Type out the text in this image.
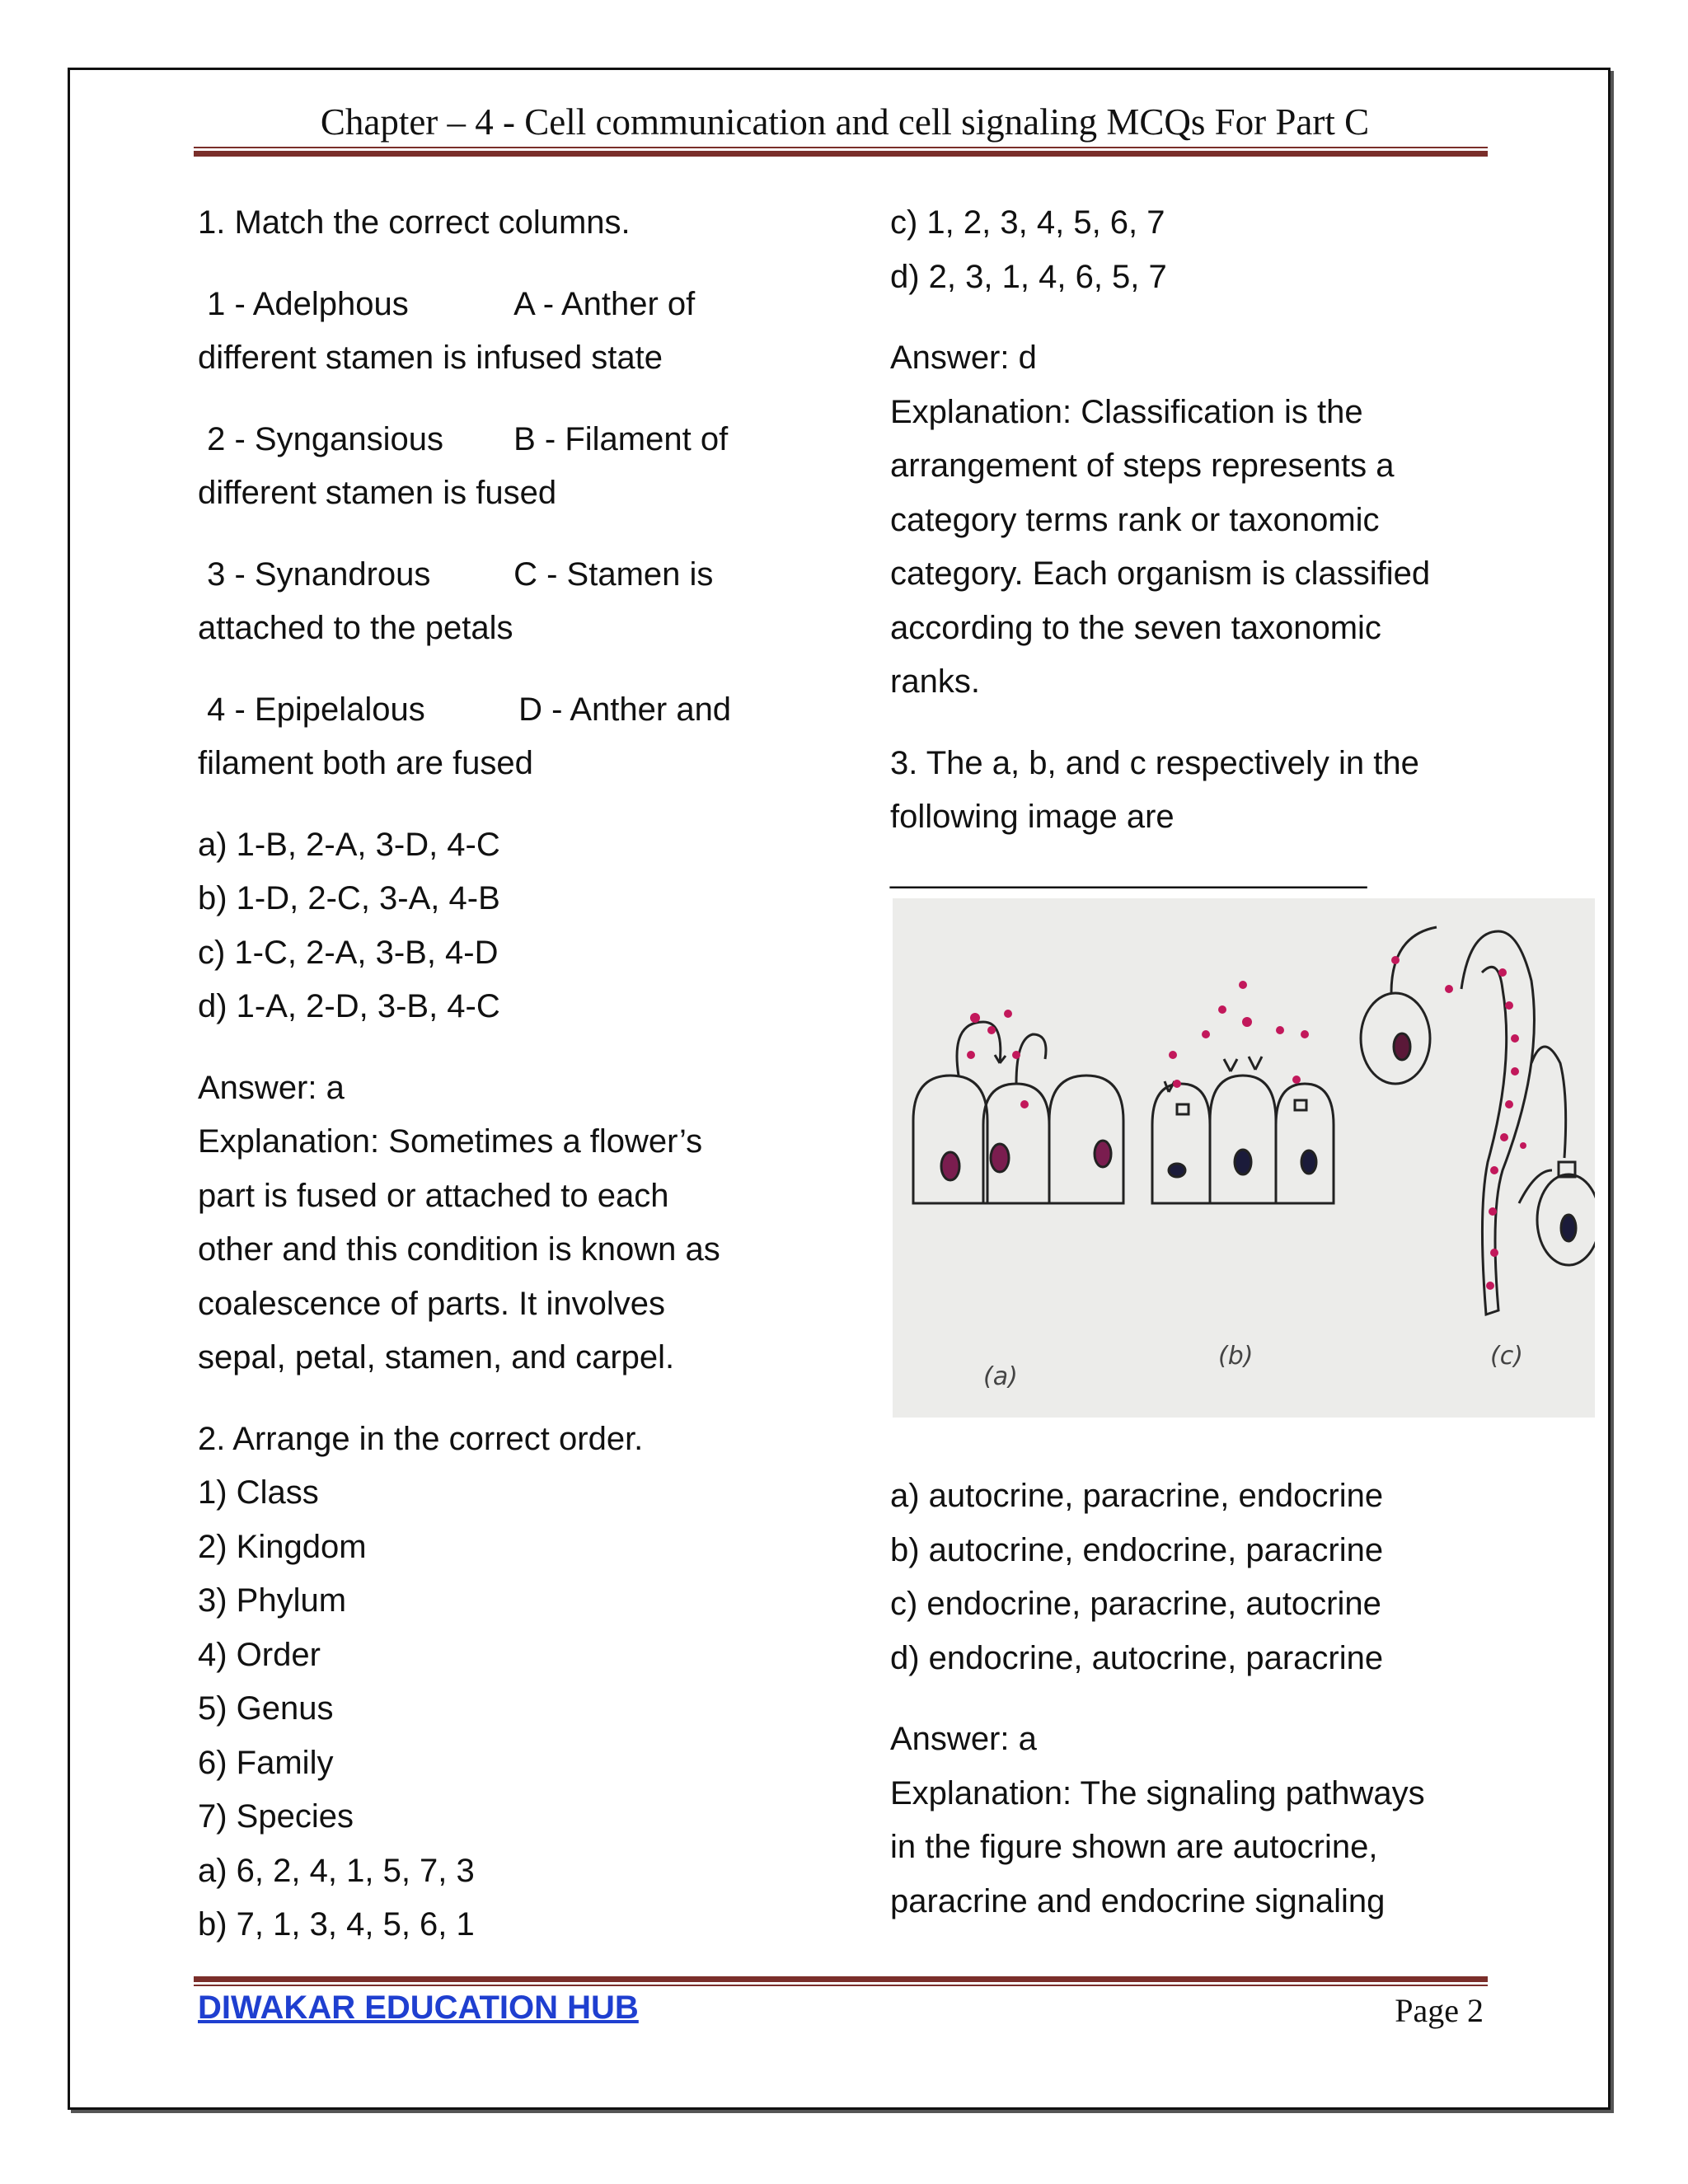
Chapter – 4 - Cell communication and cell signaling MCQs For Part C
1. Match the correct columns.
1 - Adelphous	A - Anther of
different stamen is infused state
2 - Syngansious B - Filament of
different stamen is fused
3 - Synandrous	C - Stamen is
attached to the petals
4 - Epipelalous	D - Anther and
filament both are fused
a) 1-B, 2-A, 3-D, 4-C
b) 1-D, 2-C, 3-A, 4-B
c) 1-C, 2-A, 3-B, 4-D
d) 1-A, 2-D, 3-B, 4-C
Answer: a
Explanation: Sometimes a flower’s
part is fused or attached to each
other and this condition is known as
coalescence of parts. It involves
sepal, petal, stamen, and carpel.
2. Arrange in the correct order.
1) Class
2) Kingdom
3) Phylum
4) Order
5) Genus
6) Family
7) Species
a) 6, 2, 4, 1, 5, 7, 3
b) 7, 1, 3, 4, 5, 6, 1
c) 1, 2, 3, 4, 5, 6, 7
d) 2, 3, 1, 4, 6, 5, 7
Answer: d
Explanation: Classification is the
arrangement of steps represents a
category terms rank or taxonomic
category. Each organism is classified
according to the seven taxonomic
ranks.
3. The a, b, and c respectively in the
following image are
__________________________
(a)
(b)	(c)
a) autocrine, paracrine, endocrine
b) autocrine, endocrine, paracrine
c) endocrine, paracrine, autocrine
d) endocrine, autocrine, paracrine
Answer: a
Explanation: The signaling pathways
in the figure shown are autocrine,
paracrine and endocrine signaling
DIWAKAR EDUCATION HUB	Page 2
